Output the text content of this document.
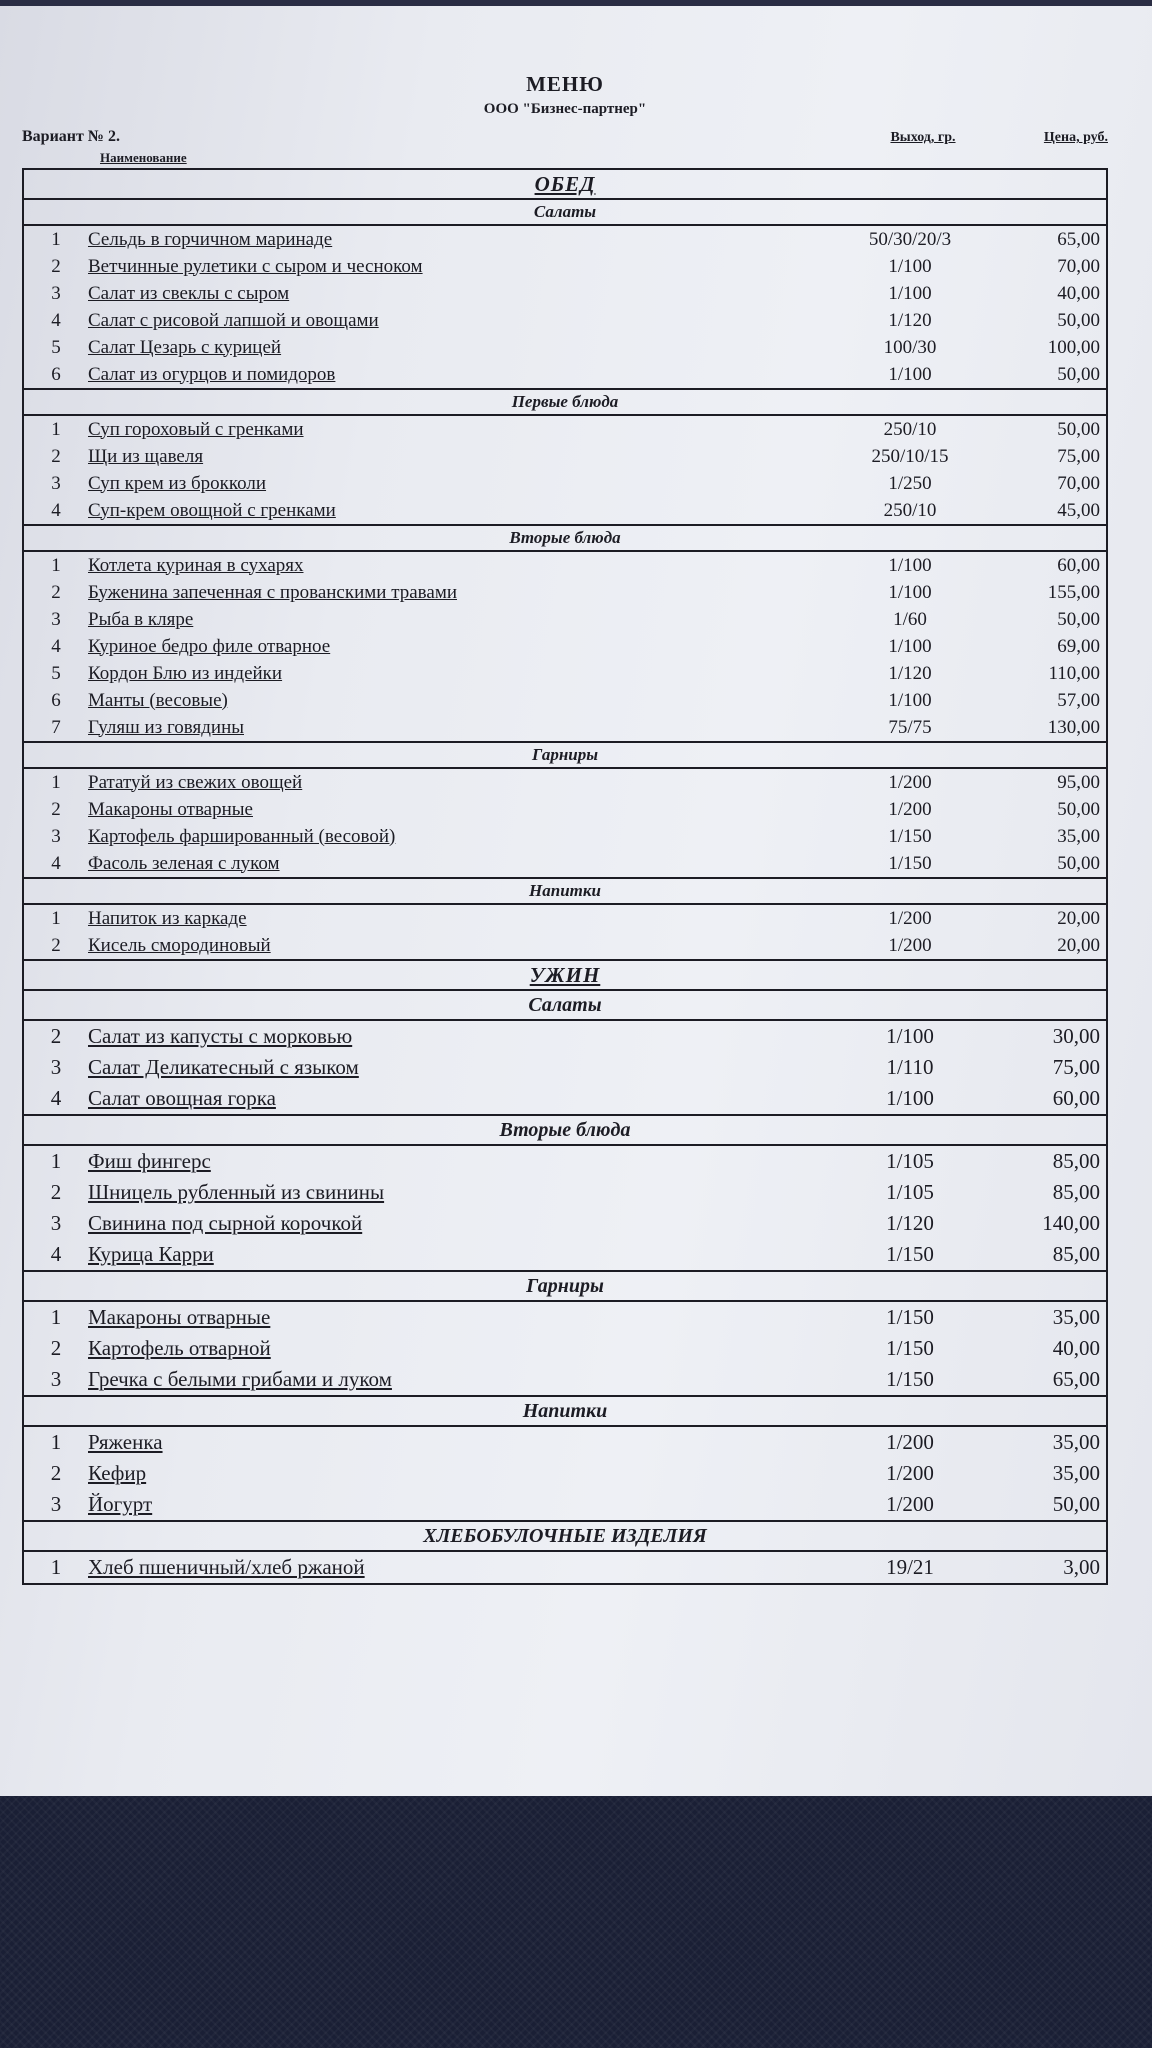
МЕНЮ
ООО "Бизнес-партнер"
Вариант № 2.	Выход, гр.	Цена, руб.
Наименование
ОБЕД
Салаты
1	Сельдь в горчичном маринаде	50/30/20/3	65,00
2	Ветчинные рулетики с сыром и чесноком	1/100	70,00
3	Салат из свеклы с сыром	1/100	40,00
4	Салат с рисовой лапшой и овощами	1/120	50,00
5	Салат Цезарь с курицей	100/30	100,00
6	Салат из огурцов и помидоров	1/100	50,00
Первые блюда
1	Суп гороховый с гренками	250/10	50,00
2	Щи из щавеля	250/10/15	75,00
3	Суп крем из брокколи	1/250	70,00
4	Суп-крем овощной с гренками	250/10	45,00
Вторые блюда
1	Котлета куриная в сухарях	1/100	60,00
2	Буженина запеченная с прованскими травами	1/100	155,00
3	Рыба в кляре	1/60	50,00
4	Куриное бедро филе отварное	1/100	69,00
5	Кордон Блю из индейки	1/120	110,00
6	Манты (весовые)	1/100	57,00
7	Гуляш из говядины	75/75	130,00
Гарниры
1	Рататуй из свежих овощей	1/200	95,00
2	Макароны отварные	1/200	50,00
3	Картофель фаршированный (весовой)	1/150	35,00
4	Фасоль зеленая с луком	1/150	50,00
Напитки
1	Напиток из каркаде	1/200	20,00
2	Кисель смородиновый	1/200	20,00
УЖИН
Салаты
2	Салат из капусты с морковью	1/100	30,00
3	Салат Деликатесный с языком	1/110	75,00
4	Салат овощная горка	1/100	60,00
Вторые блюда
1	Фиш фингерс	1/105	85,00
2	Шницель рубленный из свинины	1/105	85,00
3	Свинина под сырной корочкой	1/120	140,00
4	Курица Карри	1/150	85,00
Гарниры
1	Макароны отварные	1/150	35,00
2	Картофель отварной	1/150	40,00
3	Гречка с белыми грибами и луком	1/150	65,00
Напитки
1	Ряженка	1/200	35,00
2	Кефир	1/200	35,00
3	Йогурт	1/200	50,00
ХЛЕБОБУЛОЧНЫЕ ИЗДЕЛИЯ
1	Хлеб пшеничный/хлеб ржаной	19/21	3,00
